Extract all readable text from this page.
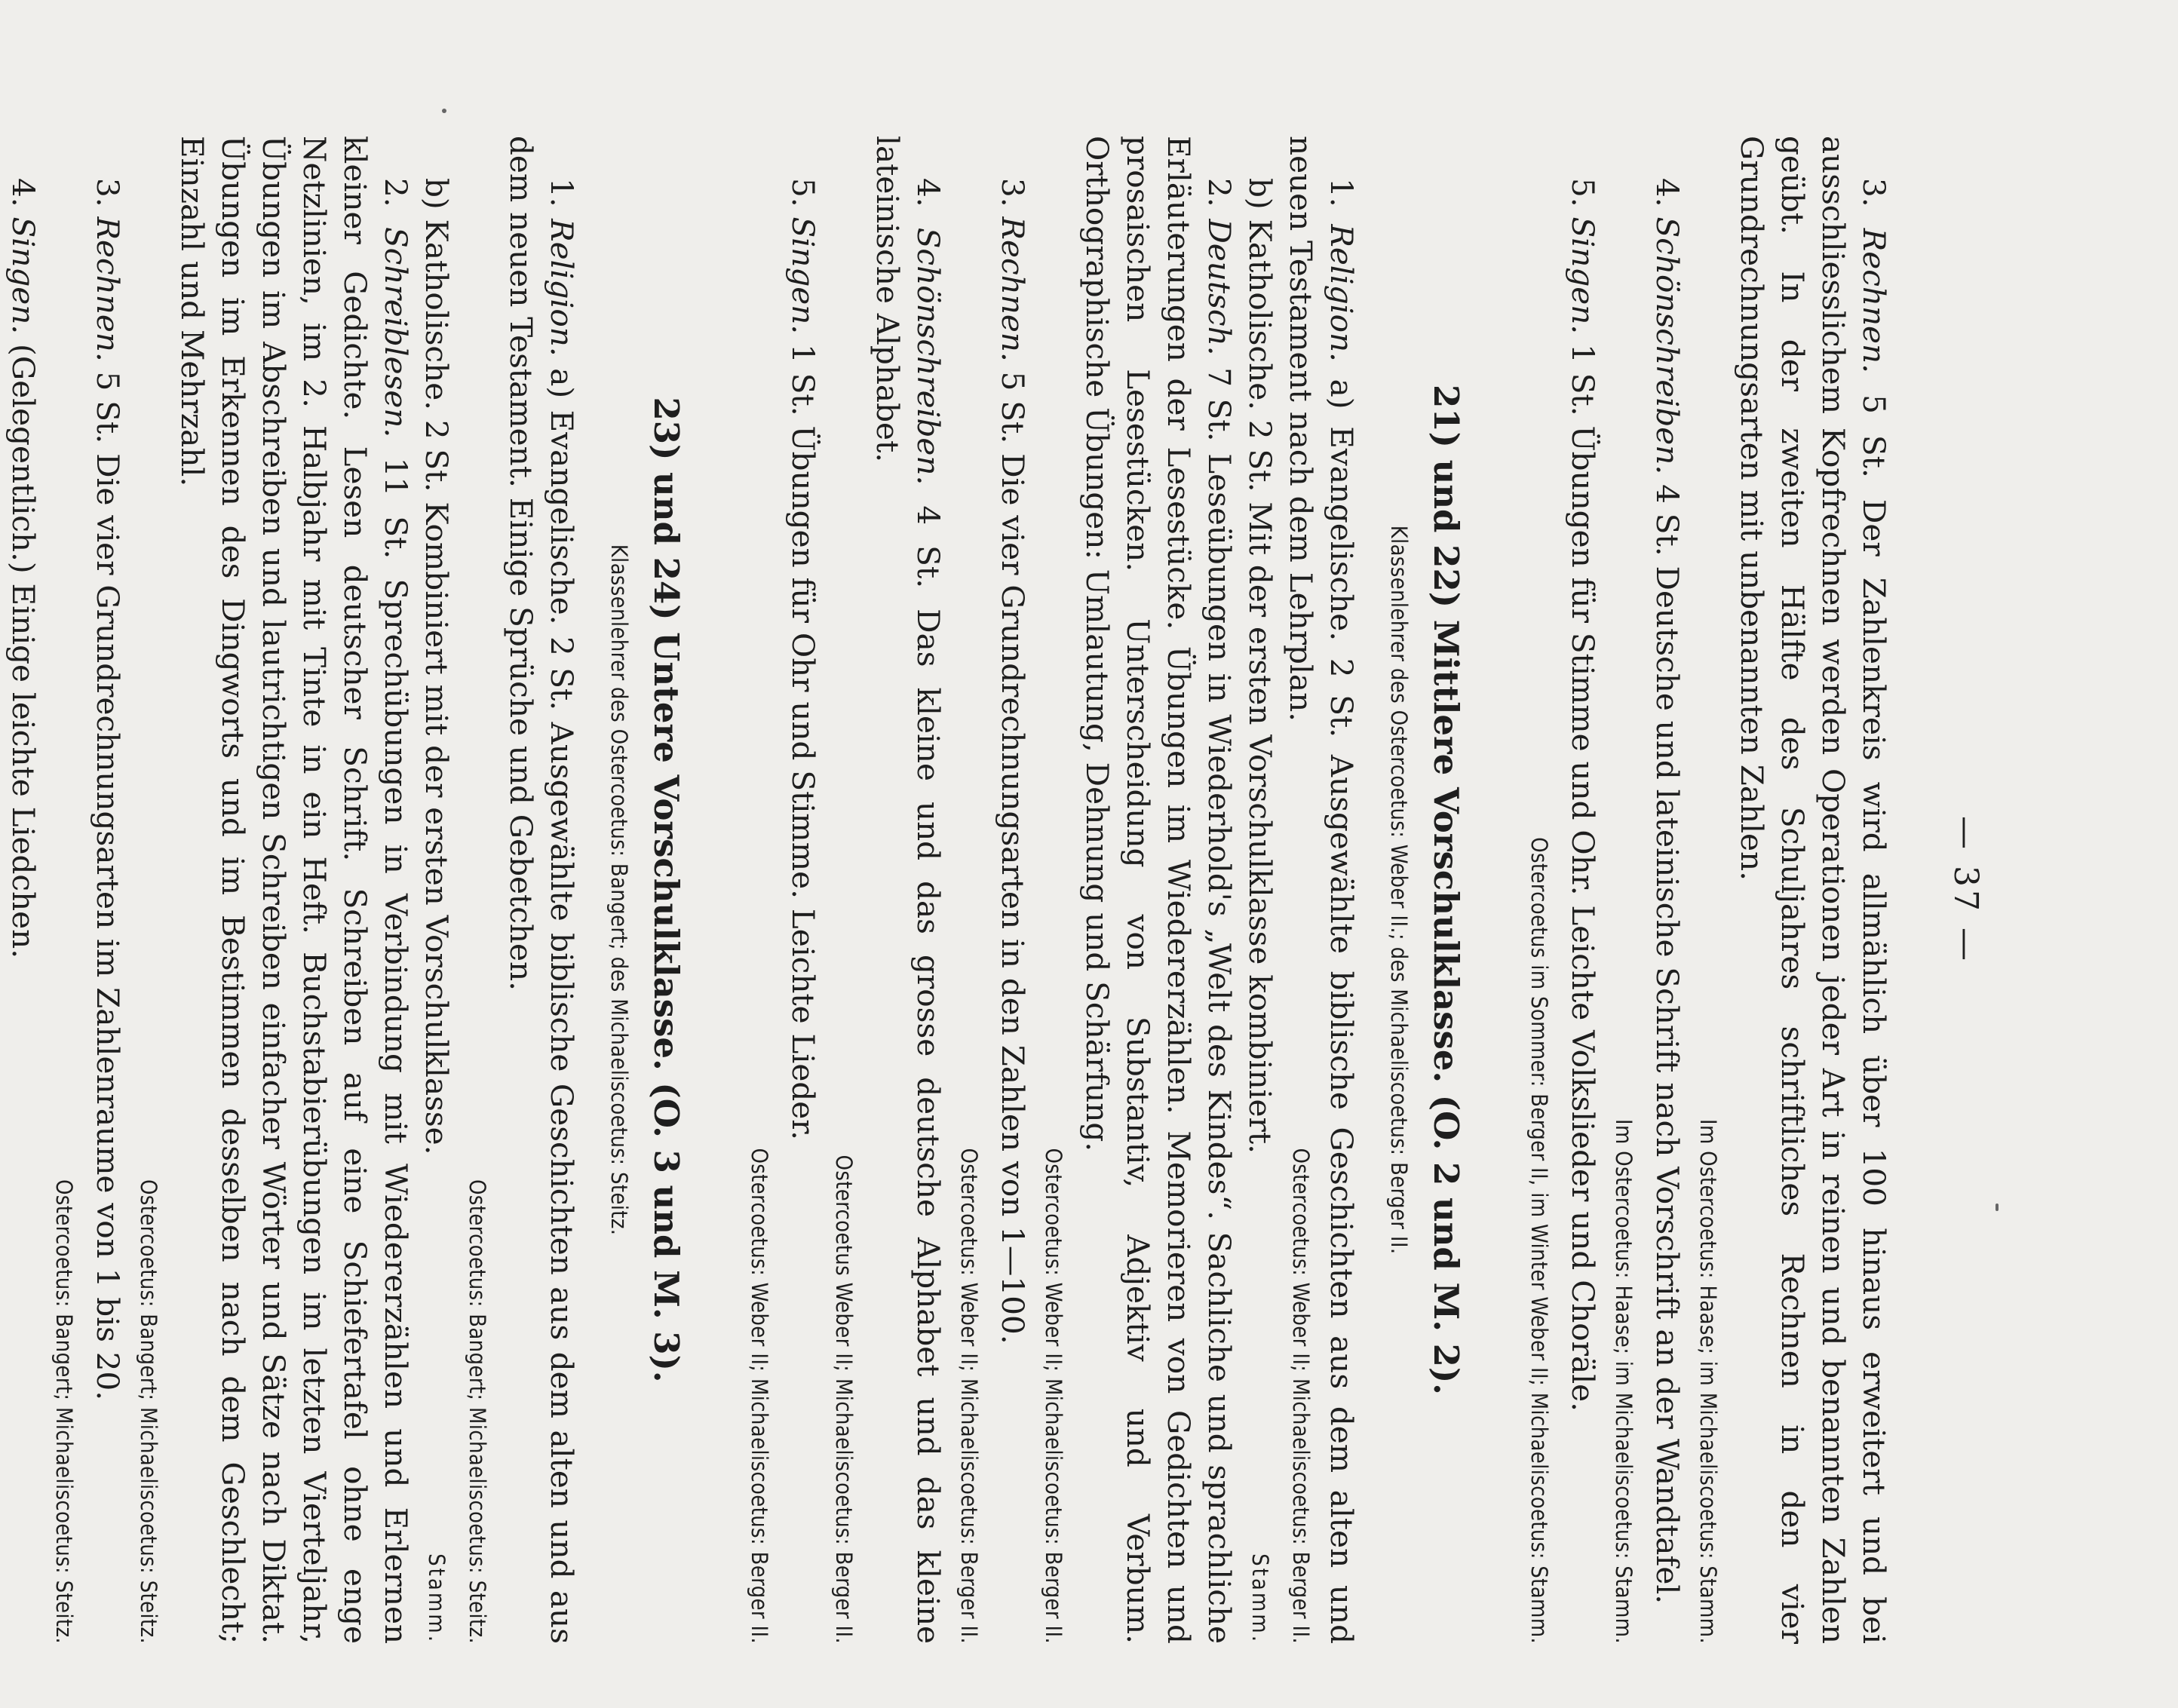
— 37 —

3. Rechnen. 5 St. Der Zahlenkreis wird allmählich über 100 hinaus erweitert und bei ausschliesslichem Kopfrechnen werden Operationen jeder Art in reinen und benannten Zahlen geübt. In der zweiten Hälfte des Schuljahres schriftliches Rechnen in den vier Grundrechnungsarten mit unbenannten Zahlen.

Im Ostercoetus: Haase; im Michaeliscoetus: Stamm.

4. Schönschreiben. 4 St. Deutsche und lateinische Schrift nach Vorschrift an der Wandtafel.

Im Ostercoetus: Haase; im Michaeliscoetus: Stamm.

5. Singen. 1 St. Übungen für Stimme und Ohr. Leichte Volkslieder und Choräle.

Ostercoetus im Sommer: Berger II, im Winter Weber II; Michaeliscoetus: Stamm.

21) und 22) Mittlere Vorschulklasse. (O. 2 und M. 2).
Klassenlehrer des Ostercoetus: Weber II.; des Michaeliscoetus: Berger II.

1. Religion. a) Evangelische. 2 St. Ausgewählte biblische Geschichten aus dem alten und neuen Testament nach dem Lehrplan.
Ostercoetus: Weber II; Michaeliscoetus: Berger II.

b) Katholische. 2 St. Mit der ersten Vorschulklasse kombiniert.
Stamm.

2. Deutsch. 7 St. Leseübungen in Wiederhold's „Welt des Kindes“. Sachliche und sprachliche Erläuterungen der Lesestücke. Übungen im Wiedererzählen. Memorieren von Gedichten und prosaischen Lesestücken. Unterscheidung von Substantiv, Adjektiv und Verbum. Orthographische Übungen: Umlautung, Dehnung und Schärfung.

Ostercoetus: Weber II; Michaeliscoetus: Berger II.

3. Rechnen. 5 St. Die vier Grundrechnungsarten in den Zahlen von 1—100.

Ostercoetus: Weber II; Michaeliscoetus: Berger II.

4. Schönschreiben. 4 St. Das kleine und das grosse deutsche Alphabet und das kleine lateinische Alphabet.

Ostercoetus Weber II; Michaeliscoetus: Berger II.

5. Singen. 1 St. Übungen für Ohr und Stimme. Leichte Lieder.

Ostercoetus: Weber II; Michaeliscoetus: Berger II.

23) und 24) Untere Vorschulklasse. (O. 3 und M. 3).
Klassenlehrer des Ostercoetus: Bangert; des Michaeliscoetus: Steitz.

1. Religion. a) Evangelische. 2 St. Ausgewählte biblische Geschichten aus dem alten und aus dem neuen Testament. Einige Sprüche und Gebetchen.

Ostercoetus: Bangert; Michaeliscoetus: Steitz.

b) Katholische. 2 St. Kombiniert mit der ersten Vorschulklasse.
Stamm.

2. Schreiblesen. 11 St. Sprechübungen in Verbindung mit Wiedererzählen und Erlernen kleiner Gedichte. Lesen deutscher Schrift. Schreiben auf eine Schiefertafel ohne enge Netzlinien, im 2. Halbjahr mit Tinte in ein Heft. Buchstabierübungen im letzten Vierteljahr, Übungen im Abschreiben und lautrichtigen Schreiben einfacher Wörter und Sätze nach Diktat. Übungen im Erkennen des Dingworts und im Bestimmen desselben nach dem Geschlecht; Einzahl und Mehrzahl.

Ostercoetus: Bangert; Michaeliscoetus: Steitz.

3. Rechnen. 5 St. Die vier Grundrechnungsarten im Zahlenraume von 1 bis 20.

Ostercoetus: Bangert; Michaeliscoetus: Steitz.

4. Singen. (Gelegentlich.) Einige leichte Liedchen.
